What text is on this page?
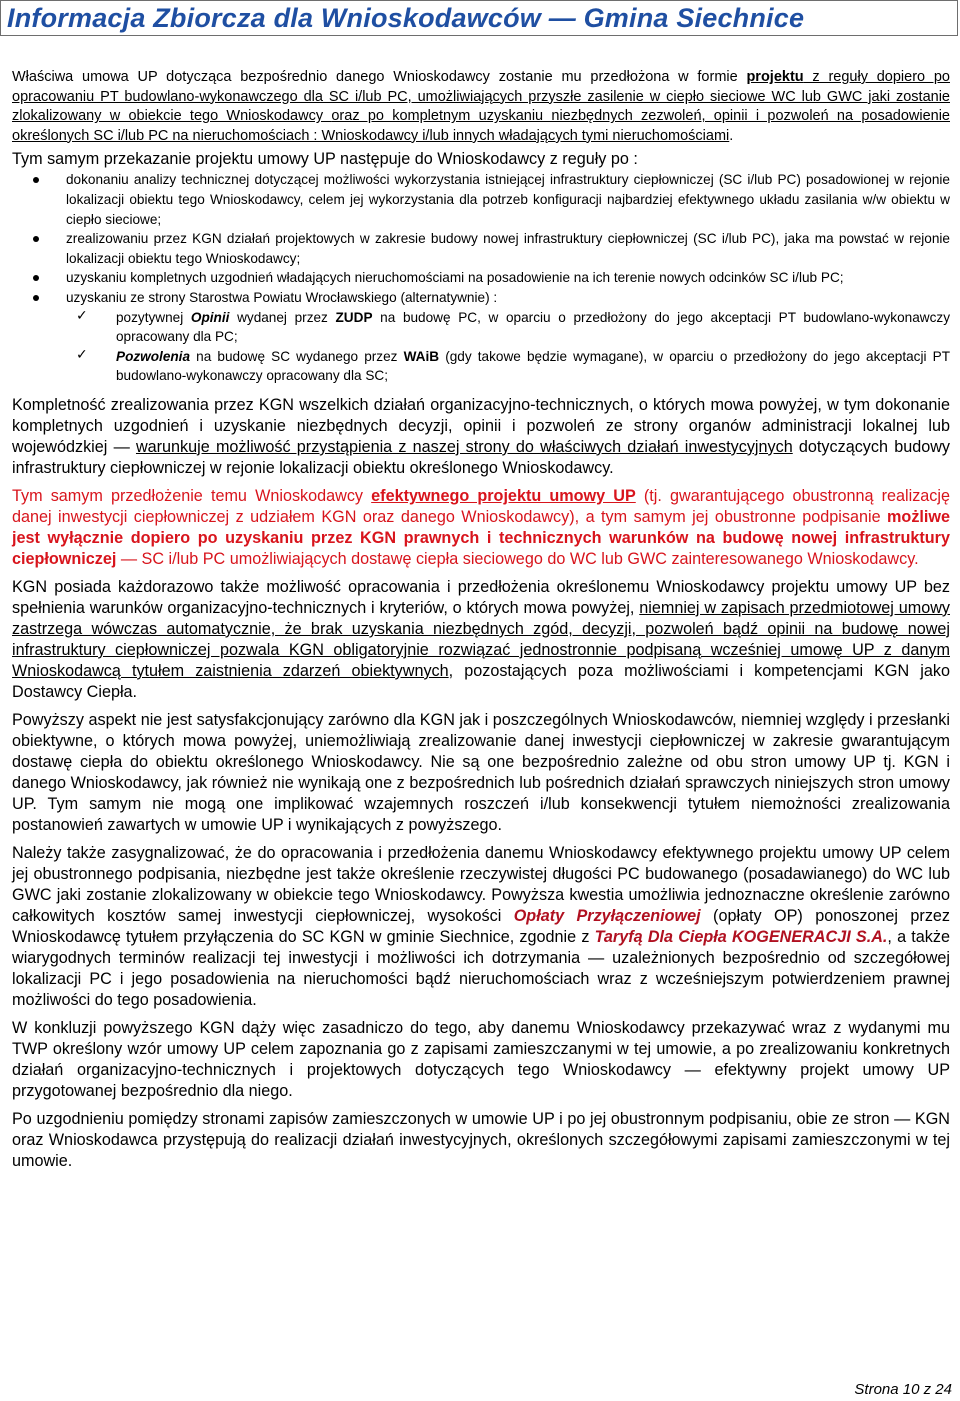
Informacja Zbiorcza dla Wnioskodawców — Gmina Siechnice

Właściwa umowa UP dotycząca bezpośrednio danego Wnioskodawcy zostanie mu przedłożona w formie projektu z reguły dopiero po opracowaniu PT budowlano-wykonawczego dla SC i/lub PC, umożliwiających przyszłe zasilenie w ciepło sieciowe WC lub GWC jaki zostanie zlokalizowany w obiekcie tego Wnioskodawcy oraz po kompletnym uzyskaniu niezbędnych zezwoleń, opinii i pozwoleń na posadowienie określonych SC i/lub PC na nieruchomościach : Wnioskodawcy i/lub innych władających tymi nieruchomościami.

Tym samym przekazanie projektu umowy UP następuje do Wnioskodawcy z reguły po :

dokonaniu analizy technicznej dotyczącej możliwości wykorzystania istniejącej infrastruktury ciepłowniczej (SC i/lub PC) posadowionej w rejonie lokalizacji obiektu tego Wnioskodawcy, celem jej wykorzystania dla potrzeb konfiguracji najbardziej efektywnego układu zasilania w/w obiektu w ciepło sieciowe;
zrealizowaniu przez KGN działań projektowych w zakresie budowy nowej infrastruktury ciepłowniczej (SC i/lub PC), jaka ma powstać w rejonie lokalizacji obiektu tego Wnioskodawcy;
uzyskaniu kompletnych uzgodnień władających nieruchomościami na posadowienie na ich terenie nowych odcinków SC i/lub PC;
uzyskaniu ze strony Starostwa Powiatu Wrocławskiego (alternatywnie) :
✓ pozytywnej Opinii wydanej przez ZUDP na budowę PC, w oparciu o przedłożony do jego akceptacji PT budowlano-wykonawczy opracowany dla PC;
✓ Pozwolenia na budowę SC wydanego przez WAiB (gdy takowe będzie wymagane), w oparciu o przedłożony do jego akceptacji PT budowlano-wykonawczy opracowany dla SC;

Kompletność zrealizowania przez KGN wszelkich działań organizacyjno-technicznych, o których mowa powyżej, w tym dokonanie kompletnych uzgodnień i uzyskanie niezbędnych decyzji, opinii i pozwoleń ze strony organów administracji lokalnej lub wojewódzkiej — warunkuje możliwość przystąpienia z naszej strony do właściwych działań inwestycyjnych dotyczących budowy infrastruktury ciepłowniczej w rejonie lokalizacji obiektu określonego Wnioskodawcy.

Tym samym przedłożenie temu Wnioskodawcy efektywnego projektu umowy UP (tj. gwarantującego obustronną realizację danej inwestycji ciepłowniczej z udziałem KGN oraz danego Wnioskodawcy), a tym samym jej obustronne podpisanie możliwe jest wyłącznie dopiero po uzyskaniu przez KGN prawnych i technicznych warunków na budowę nowej infrastruktury ciepłowniczej — SC i/lub PC umożliwiających dostawę ciepła sieciowego do WC lub GWC zainteresowanego Wnioskodawcy.

KGN posiada każdorazowo także możliwość opracowania i przedłożenia określonemu Wnioskodawcy projektu umowy UP bez spełnienia warunków organizacyjno-technicznych i kryteriów, o których mowa powyżej, niemniej w zapisach przedmiotowej umowy zastrzega wówczas automatycznie, że brak uzyskania niezbędnych zgód, decyzji, pozwoleń bądź opinii na budowę nowej infrastruktury ciepłowniczej pozwala KGN obligatoryjnie rozwiązać jednostronnie podpisaną wcześniej umowę UP z danym Wnioskodawcą tytułem zaistnienia zdarzeń obiektywnych, pozostających poza możliwościami i kompetencjami KGN jako Dostawcy Ciepła.

Powyższy aspekt nie jest satysfakcjonujący zarówno dla KGN jak i poszczególnych Wnioskodawców, niemniej względy i przesłanki obiektywne, o których mowa powyżej, uniemożliwiają zrealizowanie danej inwestycji ciepłowniczej w zakresie gwarantującym dostawę ciepła do obiektu określonego Wnioskodawcy. Nie są one bezpośrednio zależne od obu stron umowy UP tj. KGN i danego Wnioskodawcy, jak również nie wynikają one z bezpośrednich lub pośrednich działań sprawczych niniejszych stron umowy UP. Tym samym nie mogą one implikować wzajemnych roszczeń i/lub konsekwencji tytułem niemożności zrealizowania postanowień zawartych w umowie UP i wynikających z powyższego.

Należy także zasygnalizować, że do opracowania i przedłożenia danemu Wnioskodawcy efektywnego projektu umowy UP celem jej obustronnego podpisania, niezbędne jest także określenie rzeczywistej długości PC budowanego (posadawianego) do WC lub GWC jaki zostanie zlokalizowany w obiekcie tego Wnioskodawcy. Powyższa kwestia umożliwia jednoznaczne określenie zarówno całkowitych kosztów samej inwestycji ciepłowniczej, wysokości Opłaty Przyłączeniowej (opłaty OP) ponoszonej przez Wnioskodawcę tytułem przyłączenia do SC KGN w gminie Siechnice, zgodnie z Taryfą Dla Ciepła KOGENERACJI S.A., a także wiarygodnych terminów realizacji tej inwestycji i możliwości ich dotrzymania — uzależnionych bezpośrednio od szczegółowej lokalizacji PC i jego posadowienia na nieruchomości bądź nieruchomościach wraz z wcześniejszym potwierdzeniem prawnej możliwości do tego posadowienia.

W konkluzji powyższego KGN dąży więc zasadniczo do tego, aby danemu Wnioskodawcy przekazywać wraz z wydanymi mu TWP określony wzór umowy UP celem zapoznania go z zapisami zamieszczanymi w tej umowie, a po zrealizowaniu konkretnych działań organizacyjno-technicznych i projektowych dotyczących tego Wnioskodawcy — efektywny projekt umowy UP przygotowanej bezpośrednio dla niego.

Po uzgodnieniu pomiędzy stronami zapisów zamieszczonych w umowie UP i po jej obustronnym podpisaniu, obie ze stron — KGN oraz Wnioskodawca przystępują do realizacji działań inwestycyjnych, określonych szczegółowymi zapisami zamieszczonymi w tej umowie.

Strona 10 z 24
